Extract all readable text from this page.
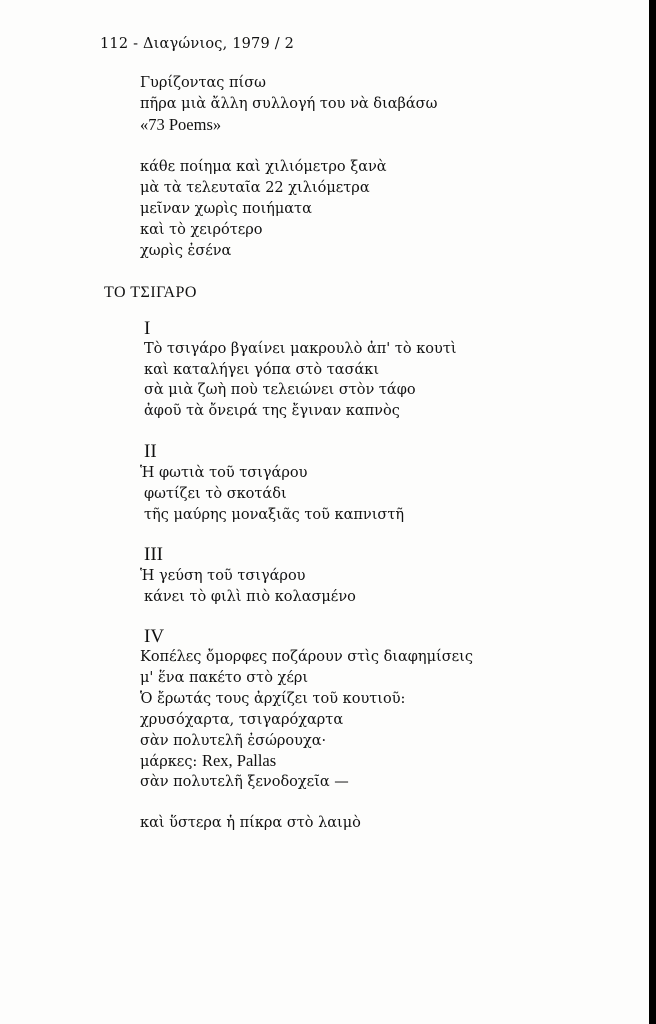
112 - Διαγώνιος, 1979 / 2
Γυρίζοντας πίσω
πῆρα μιὰ ἄλλη συλλογή του νὰ διαβάσω
«73 Poems»
κάθε ποίημα καὶ χιλιόμετρο ξανὰ
μὰ τὰ τελευταῖα 22 χιλιόμετρα
μεῖναν χωρὶς ποιήματα
καὶ τὸ χειρότερο
χωρὶς ἐσένα
ΤΟ ΤΣΙΓΑΡΟ
I
Τὸ τσιγάρο βγαίνει μακρουλὸ ἀπ' τὸ κουτὶ
καὶ καταλήγει γόπα στὸ τασάκι
σὰ μιὰ ζωὴ ποὺ τελειώνει στὸν τάφο
ἀφοῦ τὰ ὄνειρά της ἔγιναν καπνὸς
II
Ἡ φωτιὰ τοῦ τσιγάρου
φωτίζει τὸ σκοτάδι
τῆς μαύρης μοναξιᾶς τοῦ καπνιστῆ
III
Ἡ γεύση τοῦ τσιγάρου
κάνει τὸ φιλὶ πιὸ κολασμένο
IV
Κοπέλες ὄμορφες ποζάρουν στὶς διαφημίσεις
μ' ἕνα πακέτο στὸ χέρι
Ὁ ἔρωτάς τους ἀρχίζει τοῦ κουτιοῦ:
χρυσόχαρτα, τσιγαρόχαρτα
σὰν πολυτελῆ ἐσώρουχα·
μάρκες: Rex, Pallas
σὰν πολυτελῆ ξενοδοχεῖα —
καὶ ὕστερα ἡ πίκρα στὸ λαιμὸ
